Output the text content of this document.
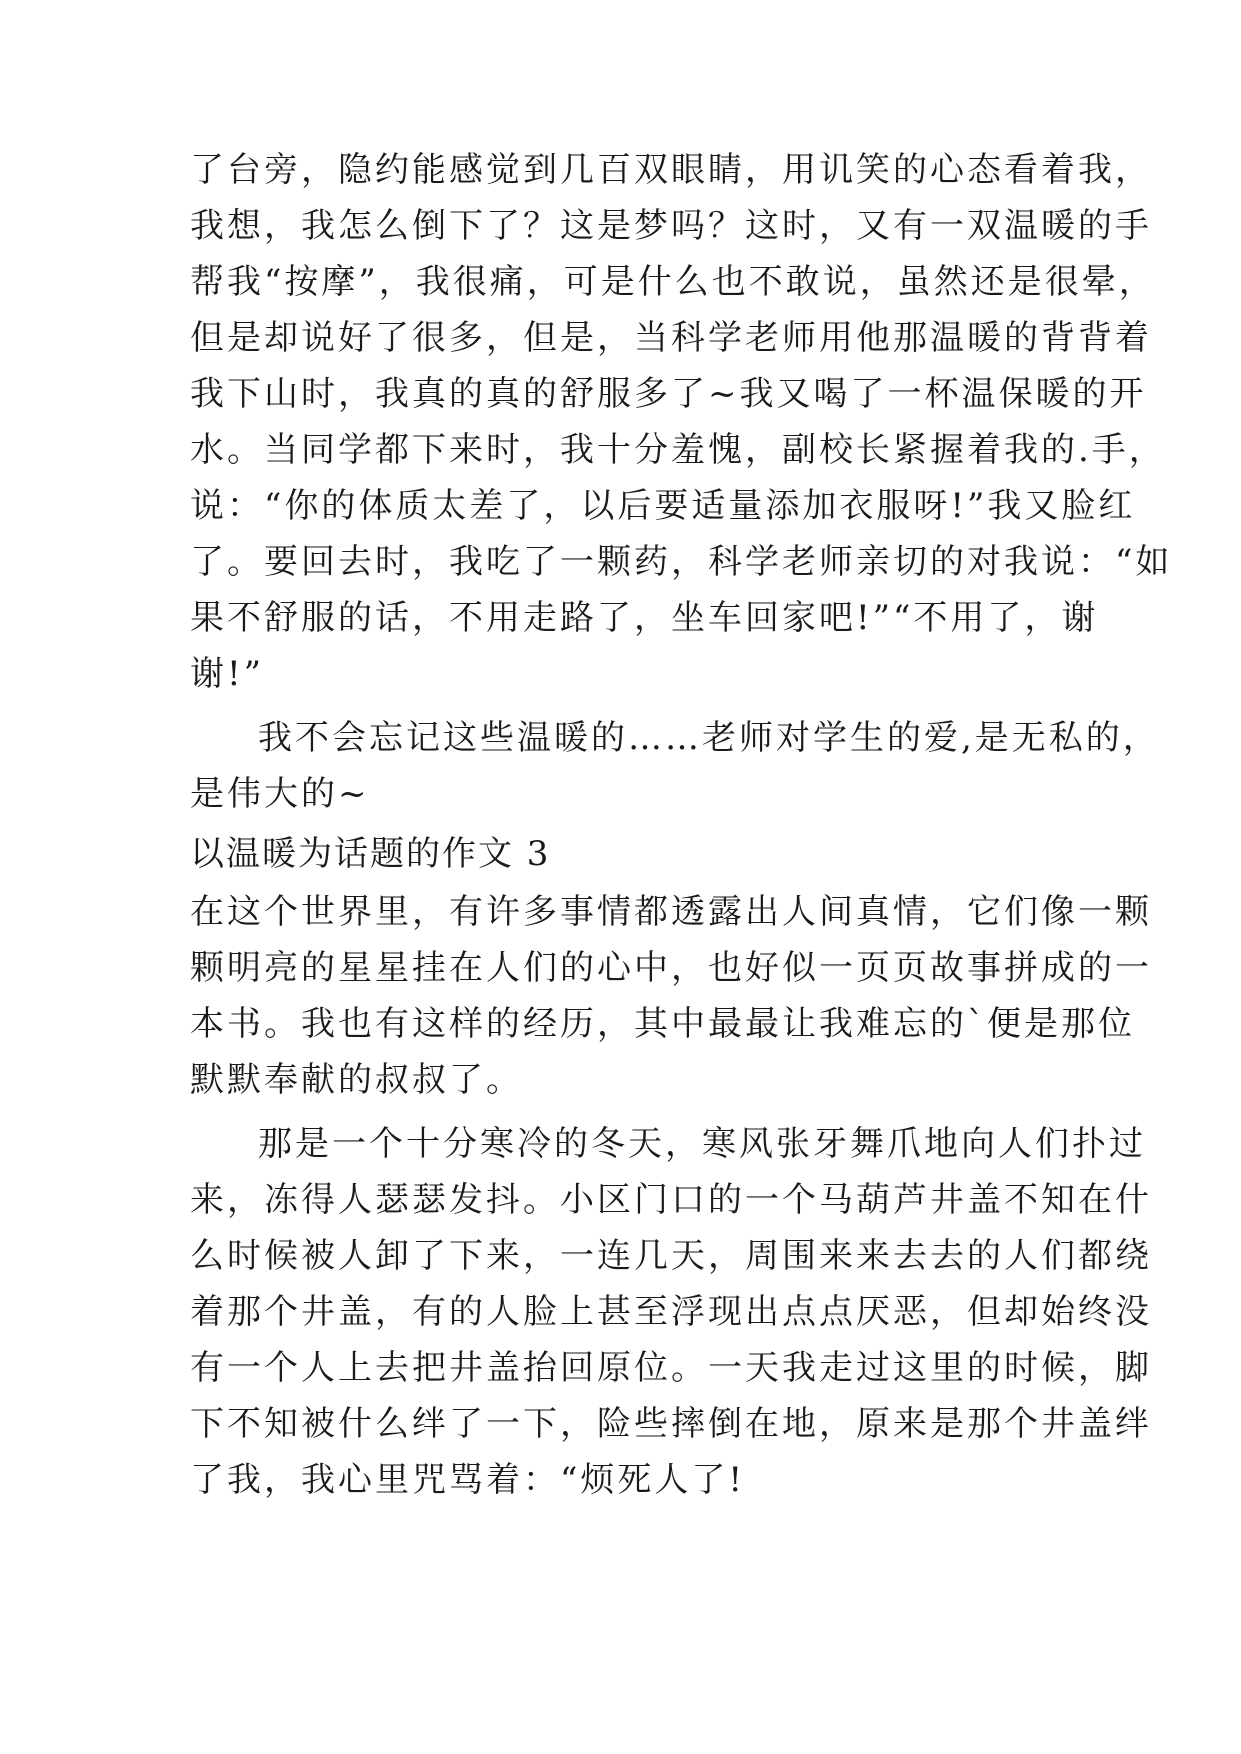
了台旁，隐约能感觉到几百双眼睛，用讥笑的心态看着我，
我想，我怎么倒下了？这是梦吗？这时，又有一双温暖的手
帮我“按摩”，我很痛，可是什么也不敢说，虽然还是很晕，
但是却说好了很多，但是，当科学老师用他那温暖的背背着
我下山时，我真的真的舒服多了~我又喝了一杯温保暖的开
水。当同学都下来时，我十分羞愧，副校长紧握着我的.手，
说：“你的体质太差了，以后要适量添加衣服呀!”我又脸红
了。要回去时，我吃了一颗药，科学老师亲切的对我说：“如
果不舒服的话，不用走路了，坐车回家吧!”“不用了，谢
谢!”
我不会忘记这些温暖的……老师对学生的爱,是无私的，
是伟大的~
以温暖为话题的作文 3
在这个世界里，有许多事情都透露出人间真情，它们像一颗
颗明亮的星星挂在人们的心中，也好似一页页故事拼成的一
本书。我也有这样的经历，其中最最让我难忘的`便是那位
默默奉献的叔叔了。
那是一个十分寒冷的冬天，寒风张牙舞爪地向人们扑过
来，冻得人瑟瑟发抖。小区门口的一个马葫芦井盖不知在什
么时候被人卸了下来，一连几天，周围来来去去的人们都绕
着那个井盖，有的人脸上甚至浮现出点点厌恶，但却始终没
有一个人上去把井盖抬回原位。一天我走过这里的时候，脚
下不知被什么绊了一下，险些摔倒在地，原来是那个井盖绊
了我，我心里咒骂着：“烦死人了!
